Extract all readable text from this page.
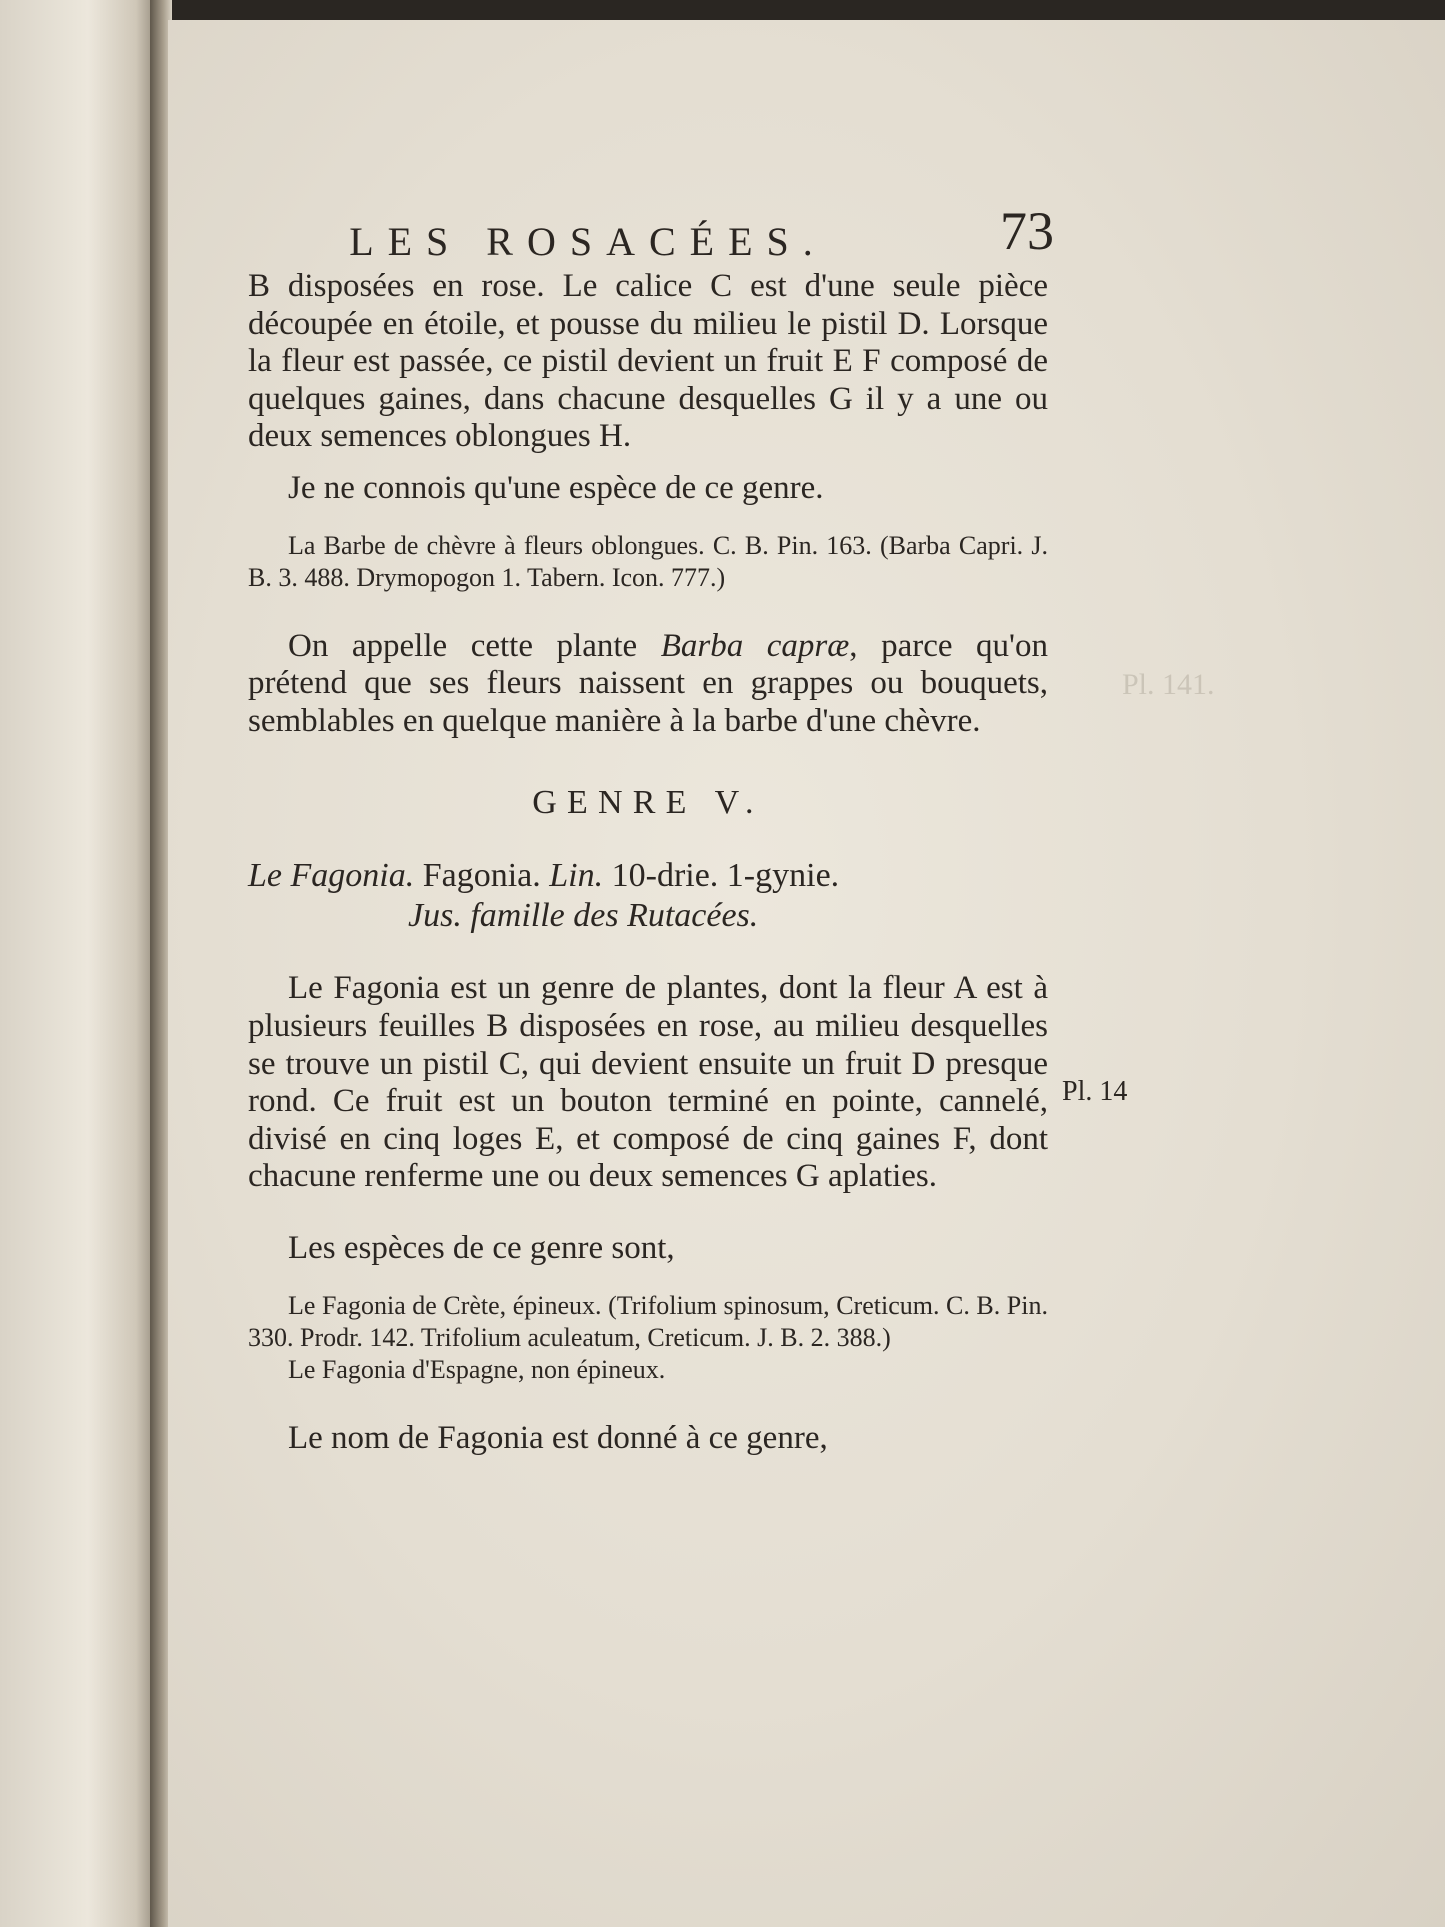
Pl. 141.
Pl. 14
LES ROSACÉES.	73

B disposées en rose. Le calice C est d'une seule pièce découpée en étoile, et pousse du milieu le pistil D. Lorsque la fleur est passée, ce pistil devient un fruit E F composé de quelques gaines, dans chacune desquelles G il y a une ou deux semences oblongues H.

Je ne connois qu'une espèce de ce genre.

La Barbe de chèvre à fleurs oblongues. C. B. Pin. 163. (Barba Capri. J. B. 3. 488. Drymopogon 1. Tabern. Icon. 777.)

On appelle cette plante Barba capræ, parce qu'on prétend que ses fleurs naissent en grappes ou bouquets, semblables en quelque manière à la barbe d'une chèvre.

GENRE V.

Le Fagonia. Fagonia. Lin. 10-drie. 1-gynie.
Jus. famille des Rutacées.

Le Fagonia est un genre de plantes, dont la fleur A est à plusieurs feuilles B disposées en rose, au milieu desquelles se trouve un pistil C, qui devient ensuite un fruit D presque rond. Ce fruit est un bouton terminé en pointe, cannelé, divisé en cinq loges E, et composé de cinq gaines F, dont chacune renferme une ou deux semences G aplaties.

Les espèces de ce genre sont,

Le Fagonia de Crète, épineux. (Trifolium spinosum, Creticum. C. B. Pin. 330. Prodr. 142. Trifolium aculeatum, Creticum. J. B. 2. 388.)

Le Fagonia d'Espagne, non épineux.

Le nom de Fagonia est donné à ce genre,
